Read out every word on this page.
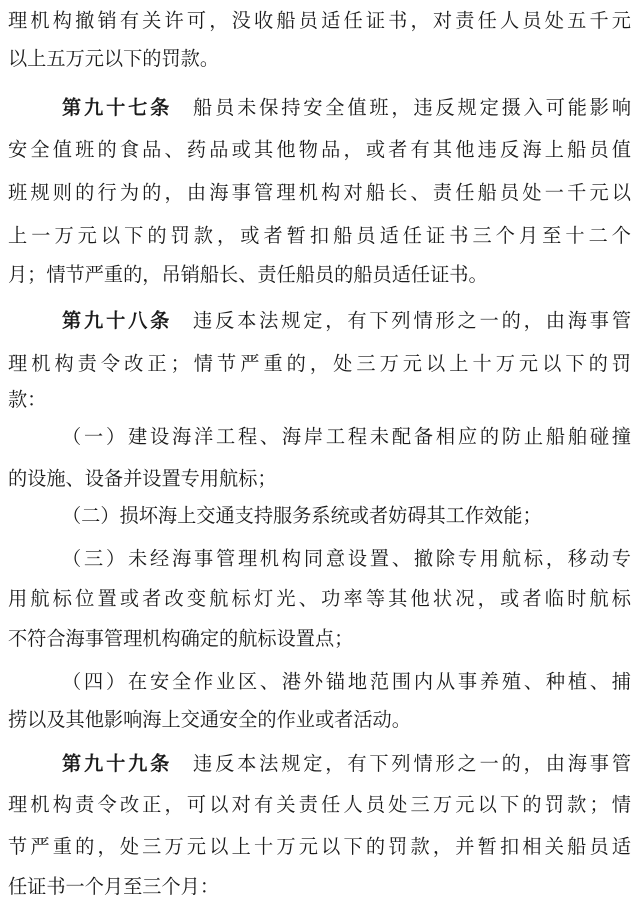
理机构撤销有关许可，没收船员适任证书，对责任人员处五千元
以上五万元以下的罚款。
第九十七条 船员未保持安全值班，违反规定摄入可能影响
安全值班的食品、药品或其他物品，或者有其他违反海上船员值
班规则的行为的，由海事管理机构对船长、责任船员处一千元以
上一万元以下的罚款，或者暂扣船员适任证书三个月至十二个
月；情节严重的，吊销船长、责任船员的船员适任证书。
第九十八条 违反本法规定，有下列情形之一的，由海事管
理机构责令改正；情节严重的，处三万元以上十万元以下的罚
款：
（一）建设海洋工程、海岸工程未配备相应的防止船舶碰撞
的设施、设备并设置专用航标；
（二）损坏海上交通支持服务系统或者妨碍其工作效能；
（三）未经海事管理机构同意设置、撤除专用航标，移动专
用航标位置或者改变航标灯光、功率等其他状况，或者临时航标
不符合海事管理机构确定的航标设置点；
（四）在安全作业区、港外锚地范围内从事养殖、种植、捕
捞以及其他影响海上交通安全的作业或者活动。
第九十九条 违反本法规定，有下列情形之一的，由海事管
理机构责令改正，可以对有关责任人员处三万元以下的罚款；情
节严重的，处三万元以上十万元以下的罚款，并暂扣相关船员适
任证书一个月至三个月：
